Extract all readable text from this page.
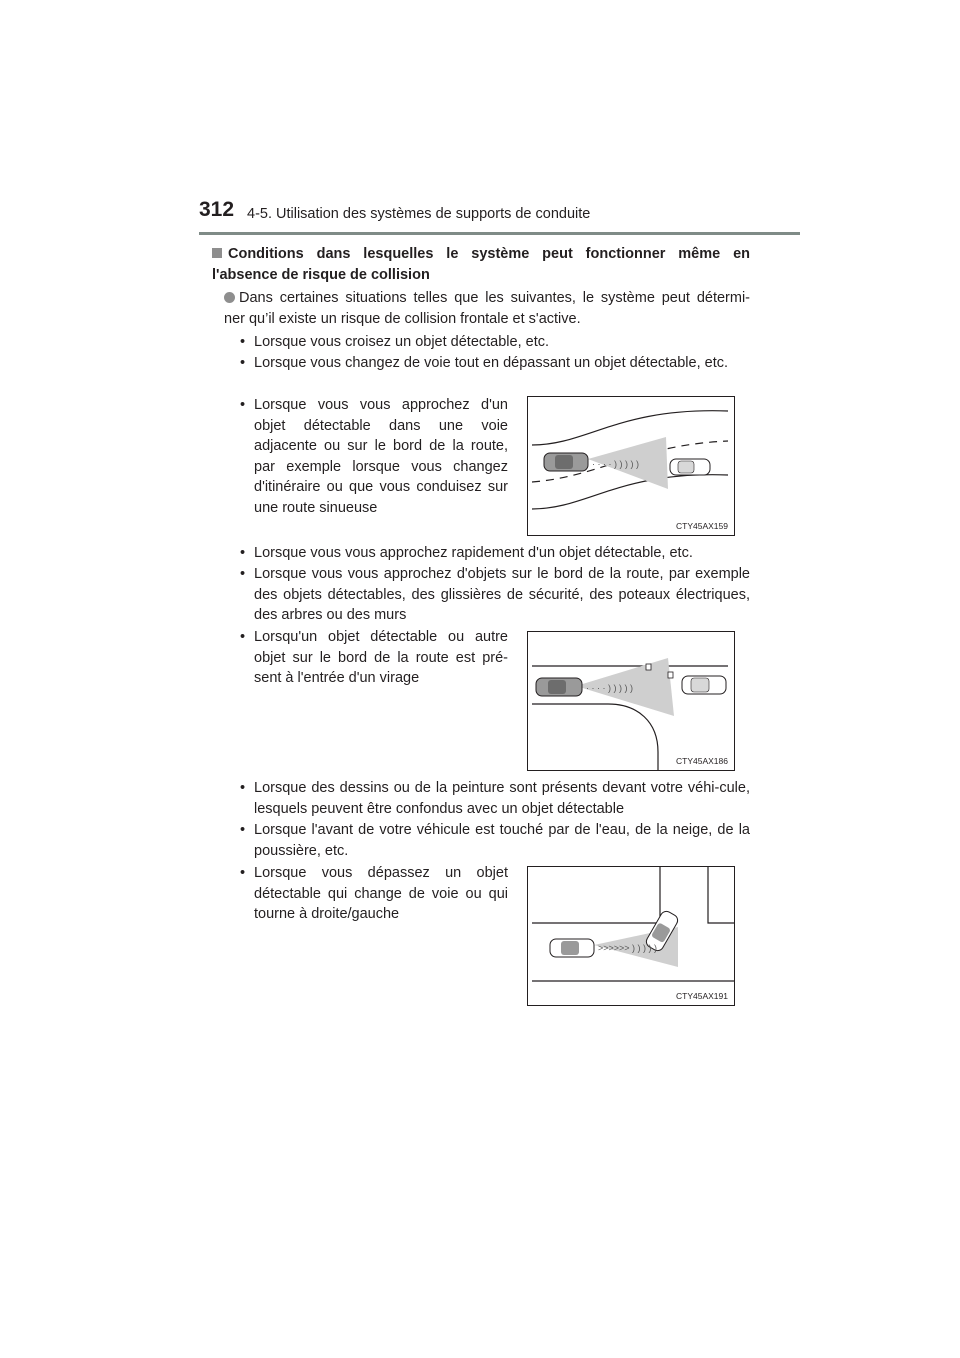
312 4-5. Utilisation des systèmes de supports de conduite
Conditions dans lesquelles le système peut fonctionner même en
l'absence de risque de collision
Dans certaines situations telles que les suivantes, le système peut détermi-
ner qu’il existe un risque de collision frontale et s'active.
• Lorsque vous croisez un objet détectable, etc.
• Lorsque vous changez de voie tout en dépassant un objet détectable, etc.
• Lorsque vous vous approchez d'un objet détectable dans une voie adjacente ou sur le bord de la route, par exemple lorsque vous changez d'itinéraire ou que vous conduisez sur une route sinueuse
· · · · ) ) ) ) )
CTY45AX159
• Lorsque vous vous approchez rapidement d'un objet détectable, etc.
• Lorsque vous vous approchez d'objets sur le bord de la route, par exemple des objets détectables, des glissières de sécurité, des poteaux électriques, des arbres ou des murs
• Lorsqu'un objet détectable ou autre objet sur le bord de la route est pré-sent à l'entrée d'un virage
· · · · ) ) ) ) )
CTY45AX186
• Lorsque des dessins ou de la peinture sont présents devant votre véhi-cule, lesquels peuvent être confondus avec un objet détectable
• Lorsque l'avant de votre véhicule est touché par de l'eau, de la neige, de la poussière, etc.
• Lorsque vous dépassez un objet détectable qui change de voie ou qui tourne à droite/gauche
>>>>>> ) ) ) ) )
CTY45AX191
